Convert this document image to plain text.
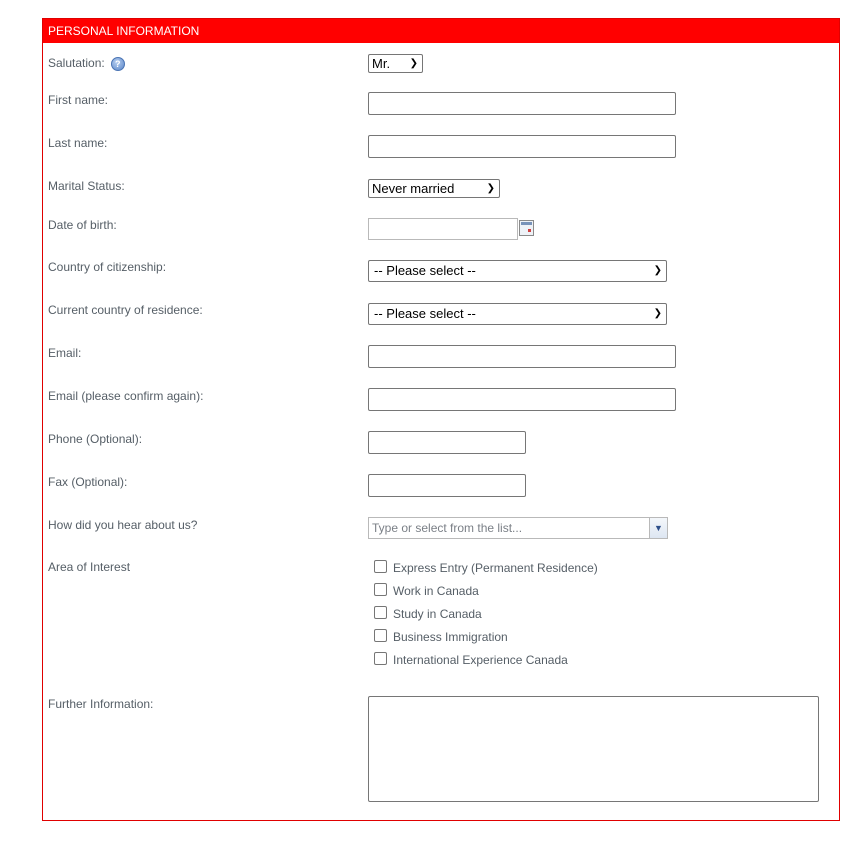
PERSONAL INFORMATION
Salutation: ?	Mr. ❯
First name:
Last name:
Marital Status:	Never married	❯
Date of birth:
Country of citizenship:	-- Please select --	❯
Current country of residence:	-- Please select --	❯
Email:
Email (please confirm again):
Phone (Optional):
Fax (Optional):
How did you hear about us?	Type or select from the list...	▼
Area of Interest	Express Entry (Permanent Residence)
Work in Canada
Study in Canada
Business Immigration
International Experience Canada
Further Information:
